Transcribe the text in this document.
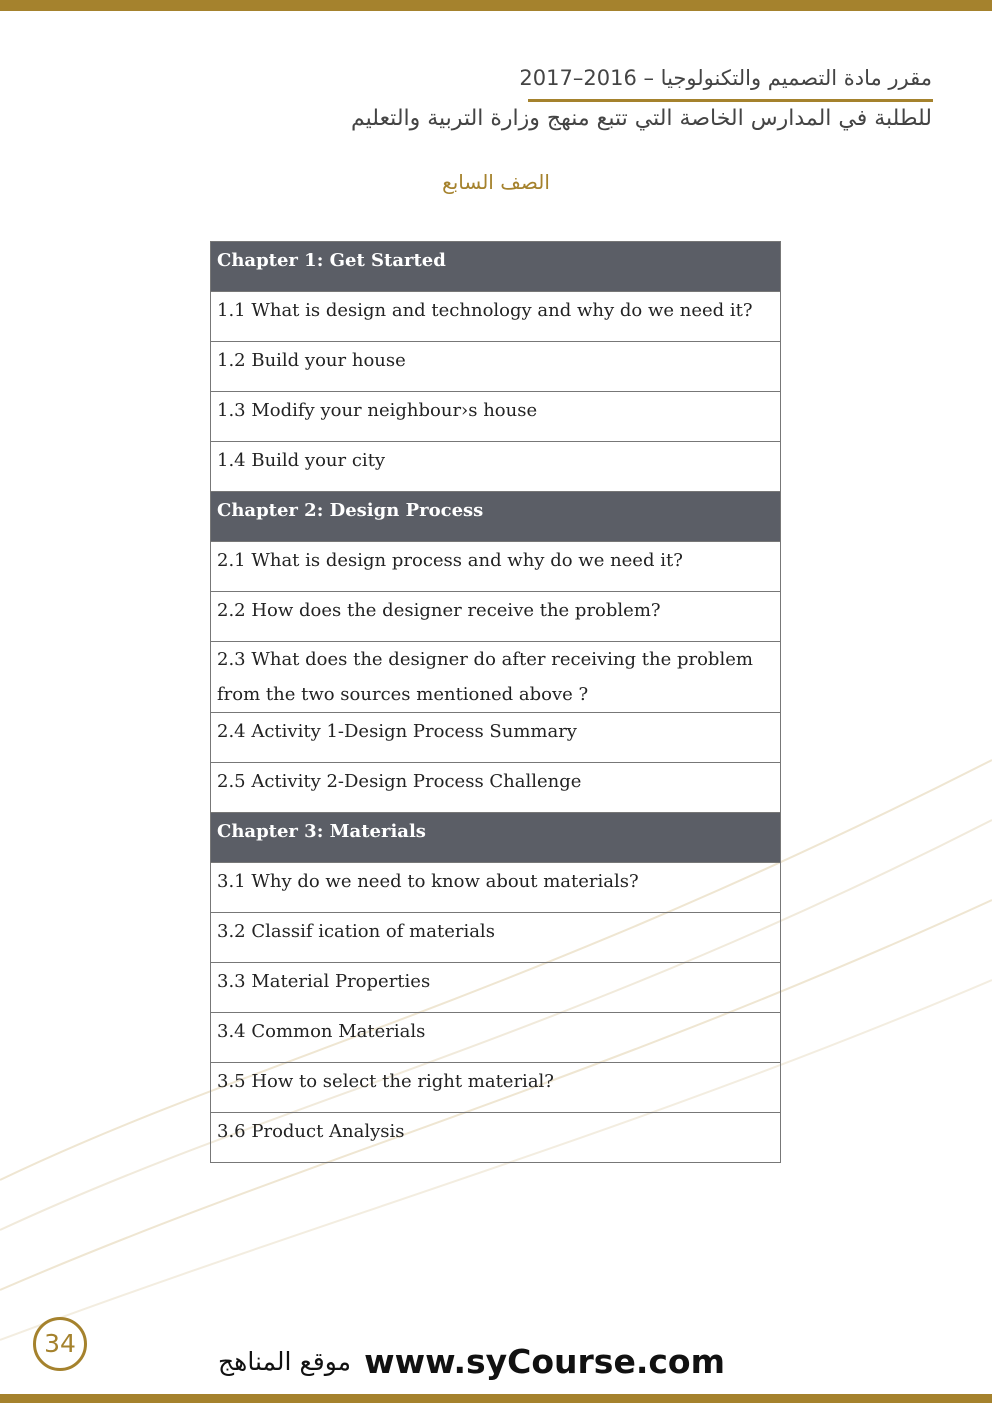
مقرر مادة التصميم والتكنولوجيا – 2016–2017
للطلبة في المدارس الخاصة التي تتبع منهج وزارة التربية والتعليم
الصف السابع
Chapter 1: Get Started
1.1 What is design and technology and why do we need it?
1.2 Build your house
1.3 Modify your neighbour›s house
1.4 Build your city
Chapter 2: Design Process
2.1 What is design process and why do we need it?
2.2 How does the designer receive the problem?
2.3 What does the designer do after receiving the problem from the two sources mentioned above ?
2.4 Activity 1-Design Process Summary
2.5 Activity 2-Design Process Challenge
Chapter 3: Materials
3.1 Why do we need to know about materials?
3.2 Classif ication of materials
3.3 Material Properties
3.4 Common Materials
3.5 How to select the right material?
3.6 Product Analysis
34
موقع المناهج www.syCourse.com
